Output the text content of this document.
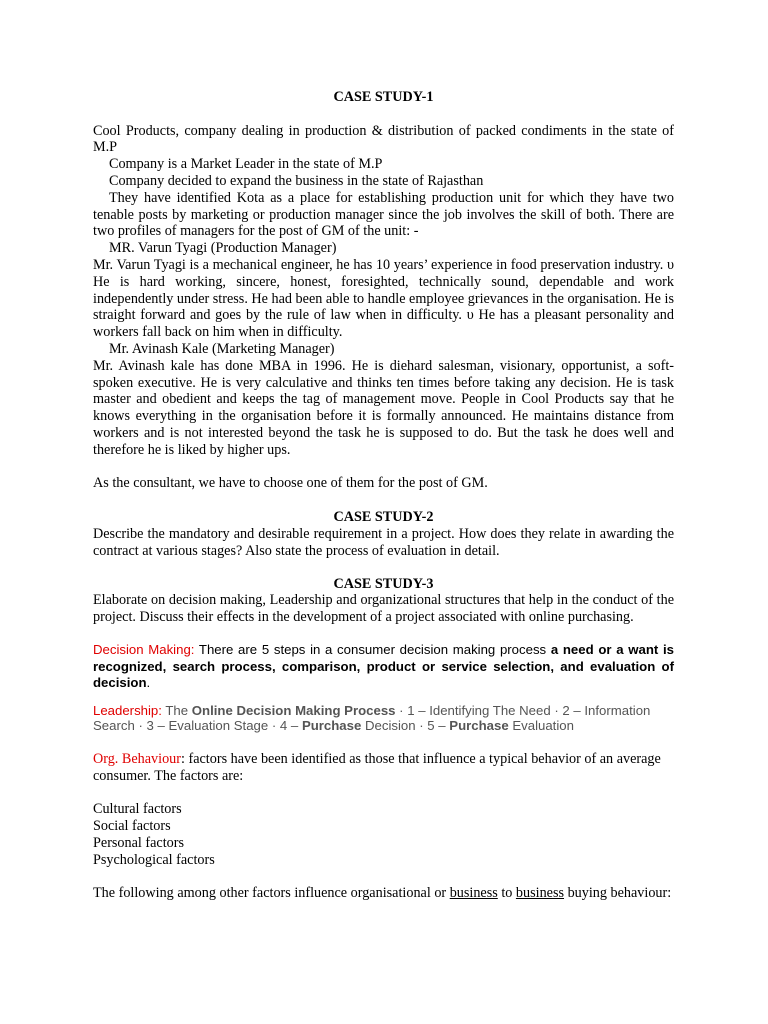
CASE STUDY-1

Cool Products, company dealing in production & distribution of packed condiments in the state of M.P

Company is a Market Leader in the state of M.P

Company decided to expand the business in the state of Rajasthan

They have identified Kota as a place for establishing production unit for which they have two tenable posts by marketing or production manager since the job involves the skill of both. There are two profiles of managers for the post of GM of the unit: -

MR. Varun Tyagi (Production Manager)

Mr. Varun Tyagi is a mechanical engineer, he has 10 years’ experience in food preservation industry. υ He is hard working, sincere, honest, foresighted, technically sound, dependable and work independently under stress. He had been able to handle employee grievances in the organisation. He is straight forward and goes by the rule of law when in difficulty. υ He has a pleasant personality and workers fall back on him when in difficulty.

Mr. Avinash Kale (Marketing Manager)

Mr. Avinash kale has done MBA in 1996. He is diehard salesman, visionary, opportunist, a soft-spoken executive. He is very calculative and thinks ten times before taking any decision. He is task master and obedient and keeps the tag of management move. People in Cool Products say that he knows everything in the organisation before it is formally announced. He maintains distance from workers and is not interested beyond the task he is supposed to do. But the task he does well and therefore he is liked by higher ups.

As the consultant, we have to choose one of them for the post of GM.

CASE STUDY-2

Describe the mandatory and desirable requirement in a project. How does they relate in awarding the contract at various stages? Also state the process of evaluation in detail.

CASE STUDY-3

Elaborate on decision making, Leadership and organizational structures that help in the conduct of the project. Discuss their effects in the development of a project associated with online purchasing.

Decision Making: There are 5 steps in a consumer decision making process a need or a want is recognized, search process, comparison, product or service selection, and evaluation of decision.

Leadership: The Online Decision Making Process · 1 – Identifying The Need · 2 – Information Search · 3 – Evaluation Stage · 4 – Purchase Decision · 5 – Purchase Evaluation

Org. Behaviour: factors have been identified as those that influence a typical behavior of an average consumer. The factors are:

Cultural factors

Social factors

Personal factors

Psychological factors

The following among other factors influence organisational or business to business buying behaviour:
